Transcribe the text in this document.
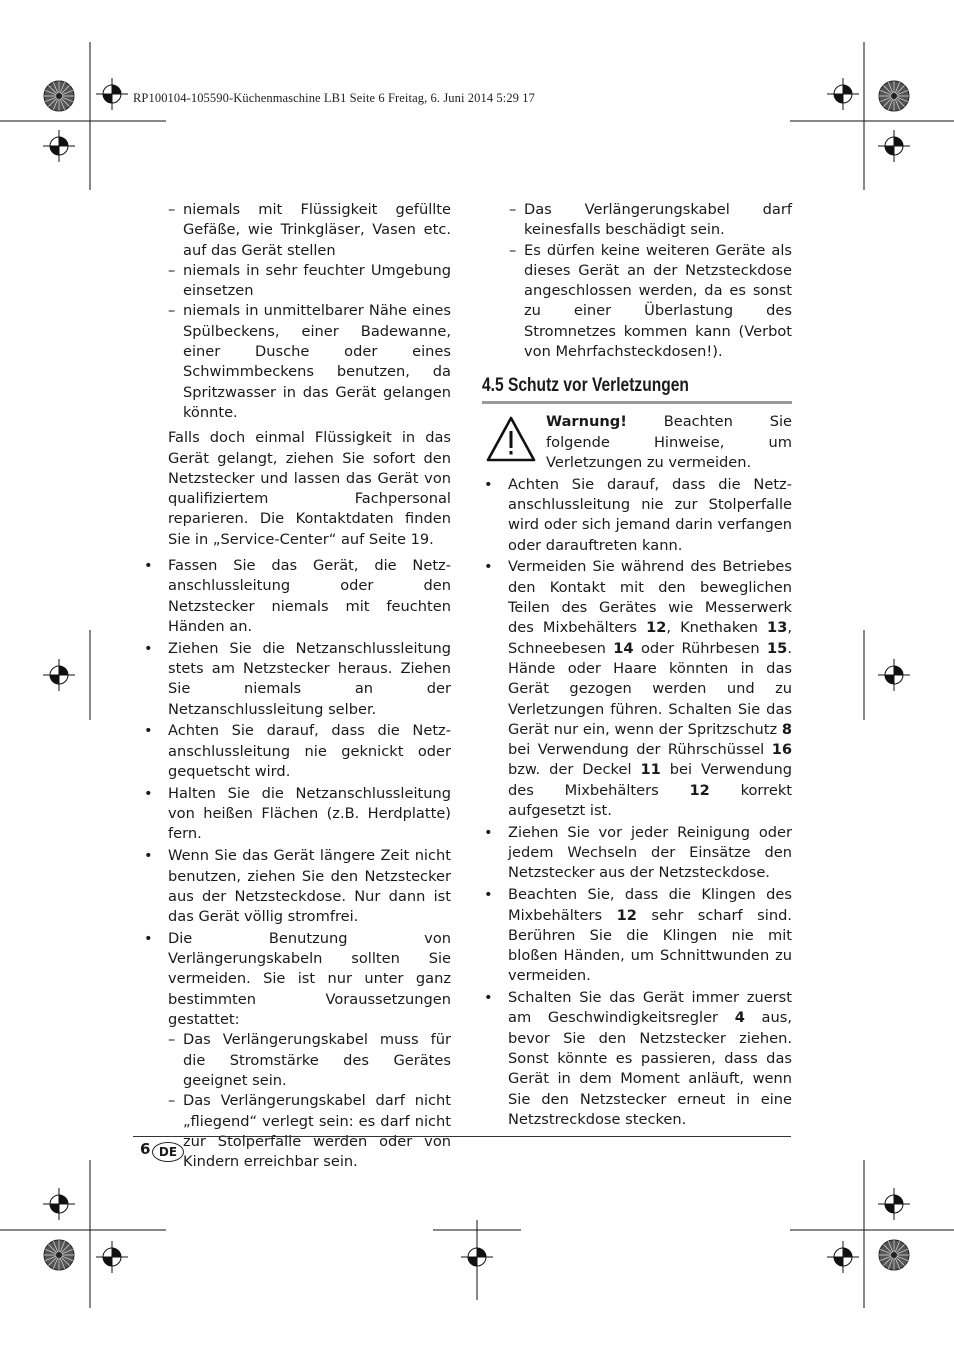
RP100104-105590-Küchenmaschine LB1 Seite 6 Freitag, 6. Juni 2014 5:29 17
– niemals mit Flüssigkeit gefüllte Gefäße, wie Trinkgläser, Vasen etc. auf das Gerät stellen
– niemals in sehr feuchter Umgebung einsetzen
– niemals in unmittelbarer Nähe eines Spülbeckens, einer Badewanne, einer Dusche oder eines Schwimmbeckens benutzen, da Spritzwasser in das Gerät gelangen könnte.
Falls doch einmal Flüssigkeit in das Gerät gelangt, ziehen Sie sofort den Netzstecker und lassen das Gerät von qualifiziertem Fachpersonal reparieren. Die Kontaktdaten finden Sie in „Service-Center“ auf Seite 19.
• Fassen Sie das Gerät, die Netzanschlussleitung oder den Netzstecker niemals mit feuchten Händen an.
• Ziehen Sie die Netzanschlussleitung stets am Netzstecker heraus. Ziehen Sie niemals an der Netzanschlussleitung selber.
• Achten Sie darauf, dass die Netzanschlussleitung nie geknickt oder gequetscht wird.
• Halten Sie die Netzanschlussleitung von heißen Flächen (z.B. Herdplatte) fern.
• Wenn Sie das Gerät längere Zeit nicht benutzen, ziehen Sie den Netzstecker aus der Netzsteckdose. Nur dann ist das Gerät völlig stromfrei.
• Die Benutzung von Verlängerungskabeln sollten Sie vermeiden. Sie ist nur unter ganz bestimmten Voraussetzungen gestattet:
– Das Verlängerungskabel muss für die Stromstärke des Gerätes geeignet sein.
– Das Verlängerungskabel darf nicht „fliegend“ verlegt sein: es darf nicht zur Stolperfalle werden oder von Kindern erreichbar sein.
– Das Verlängerungskabel darf keinesfalls beschädigt sein.
– Es dürfen keine weiteren Geräte als dieses Gerät an der Netzsteckdose angeschlossen werden, da es sonst zu einer Überlastung des Stromnetzes kommen kann (Verbot von Mehrfachsteckdosen!).
4.5 Schutz vor Verletzungen
Warnung! Beachten Sie folgende Hinweise, um Verletzungen zu vermeiden.
• Achten Sie darauf, dass die Netzanschlussleitung nie zur Stolperfalle wird oder sich jemand darin verfangen oder darauftreten kann.
• Vermeiden Sie während des Betriebes den Kontakt mit den beweglichen Teilen des Gerätes wie Messerwerk des Mixbehälters 12, Knethaken 13, Schneebesen 14 oder Rührbesen 15. Hände oder Haare könnten in das Gerät gezogen werden und zu Verletzungen führen. Schalten Sie das Gerät nur ein, wenn der Spritzschutz 8 bei Verwendung der Rührschüssel 16 bzw. der Deckel 11 bei Verwendung des Mixbehälters 12 korrekt aufgesetzt ist.
• Ziehen Sie vor jeder Reinigung oder jedem Wechseln der Einsätze den Netzstecker aus der Netzsteckdose.
• Beachten Sie, dass die Klingen des Mixbehälters 12 sehr scharf sind. Berühren Sie die Klingen nie mit bloßen Händen, um Schnittwunden zu vermeiden.
• Schalten Sie das Gerät immer zuerst am Geschwindigkeitsregler 4 aus, bevor Sie den Netzstecker ziehen. Sonst könnte es passieren, dass das Gerät in dem Moment anläuft, wenn Sie den Netzstecker erneut in eine Netzstreckdose stecken.
6 DE
